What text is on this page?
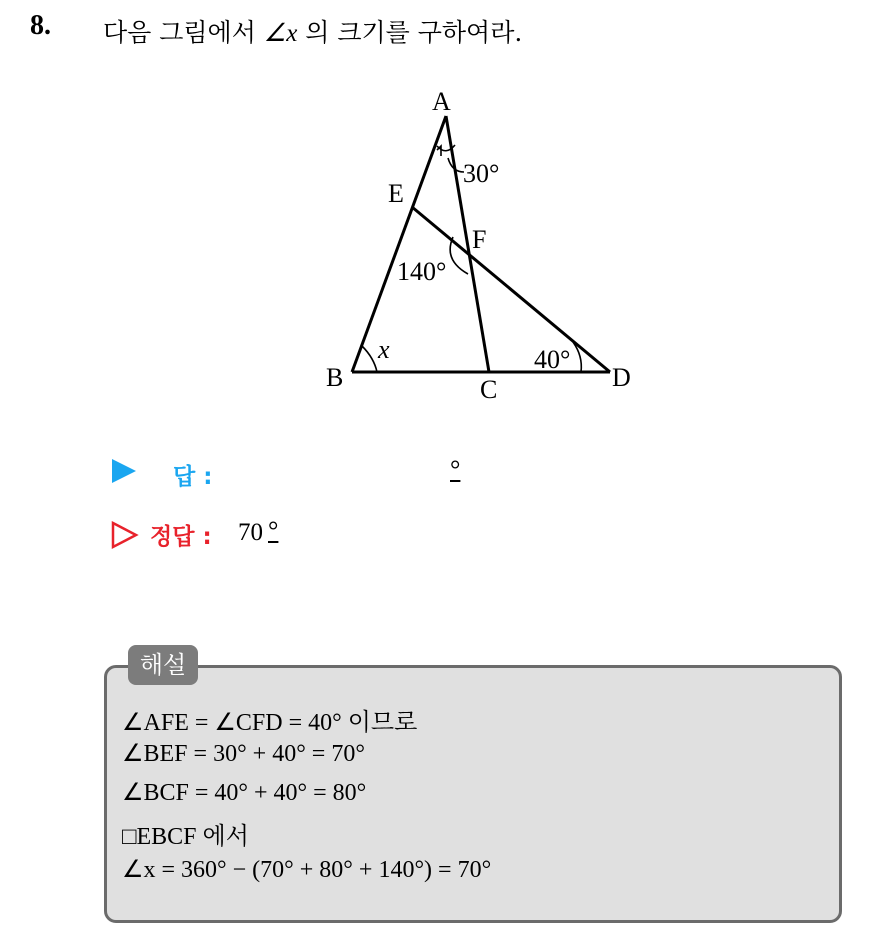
8. 다음 그림에서 ∠x 의 크기를 구하여라.
A
E
F
B	C	D
30°
140°
40°
x
답 :	°
정답 : 70 °
해설
∠AFE = ∠CFD = 40° 이므로
∠BEF = 30° + 40° = 70°
∠BCF = 40° + 40° = 80°
□EBCF 에서
∠x = 360° − (70° + 80° + 140°) = 70°
